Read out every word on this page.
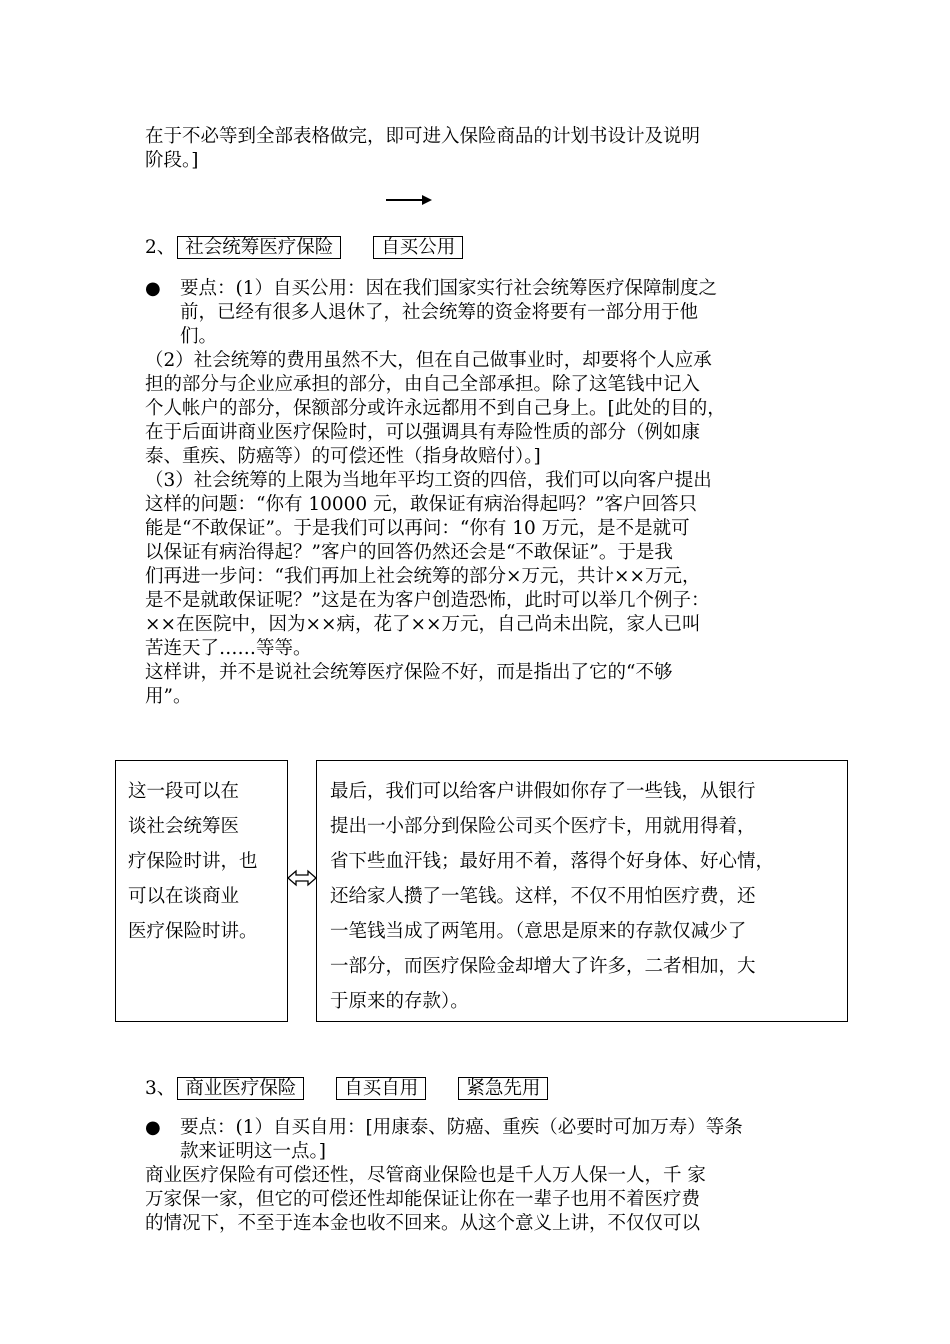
在于不必等到全部表格做完，即可进入保险商品的计划书设计及说明
阶段。]
2、 社会统筹医疗保险	自买公用
● 要点：(1）自买公用：因在我们国家实行社会统筹医疗保障制度之
前，已经有很多人退休了，社会统筹的资金将要有一部分用于他
们。
（2）社会统筹的费用虽然不大，但在自己做事业时，却要将个人应承
担的部分与企业应承担的部分，由自己全部承担。除了这笔钱中记入
个人帐户的部分，保额部分或许永远都用不到自己身上。[此处的目的，
在于后面讲商业医疗保险时，可以强调具有寿险性质的部分（例如康
泰、重疾、防癌等）的可偿还性（指身故赔付）。]
（3）社会统筹的上限为当地年平均工资的四倍，我们可以向客户提出
这样的问题：“你有 10000 元，敢保证有病治得起吗？”客户回答只
能是“不敢保证”。于是我们可以再问：“你有 10 万元，是不是就可
以保证有病治得起？”客户的回答仍然还会是“不敢保证”。于是我
们再进一步问：“我们再加上社会统筹的部分×万元，共计××万元，
是不是就敢保证呢？”这是在为客户创造恐怖，此时可以举几个例子：
××在医院中，因为××病，花了××万元，自己尚未出院，家人已叫
苦连天了……等等。
这样讲，并不是说社会统筹医疗保险不好，而是指出了它的“不够
用”。
这一段可以在
谈社会统筹医
疗保险时讲，也
可以在谈商业
医疗保险时讲。
最后，我们可以给客户讲假如你存了一些钱，从银行
提出一小部分到保险公司买个医疗卡，用就用得着，
省下些血汗钱；最好用不着，落得个好身体、好心情，
还给家人攒了一笔钱。这样，不仅不用怕医疗费，还
一笔钱当成了两笔用。（意思是原来的存款仅减少了
一部分，而医疗保险金却增大了许多，二者相加，大
于原来的存款）。
3、 商业医疗保险	自买自用	紧急先用
● 要点：(1）自买自用：[用康泰、防癌、重疾（必要时可加万寿）等条
款来证明这一点。]
商业医疗保险有可偿还性，尽管商业保险也是千人万人保一人，千 家
万家保一家，但它的可偿还性却能保证让你在一辈子也用不着医疗费
的情况下，不至于连本金也收不回来。从这个意义上讲，不仅仅可以
